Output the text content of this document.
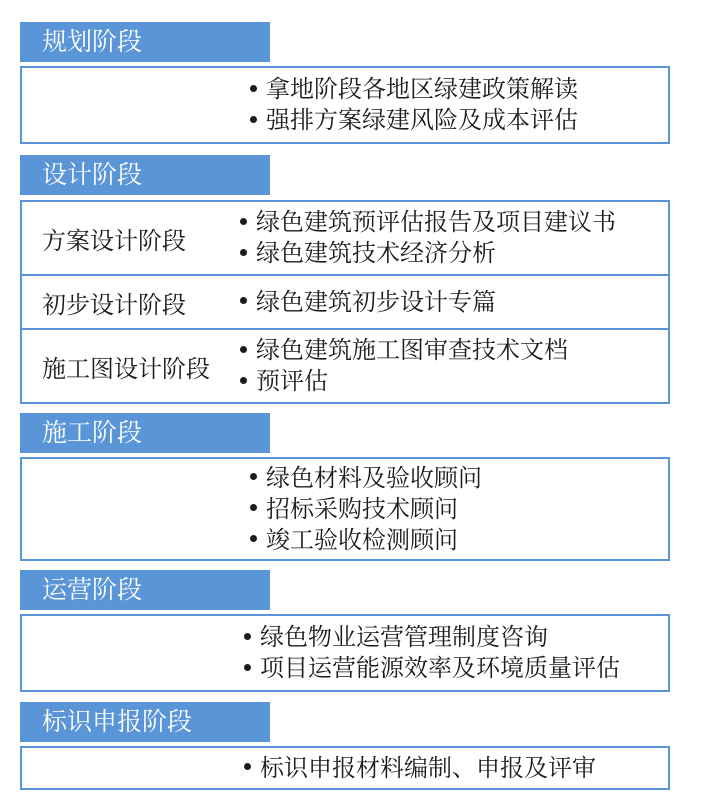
规划阶段
拿地阶段各地区绿建政策解读
强排方案绿建风险及成本评估
设计阶段
方案设计阶段
绿色建筑预评估报告及项目建议书
绿色建筑技术经济分析
初步设计阶段	绿色建筑初步设计专篇
施工图设计阶段
绿色建筑施工图审查技术文档
预评估
施工阶段
绿色材料及验收顾问
招标采购技术顾问
竣工验收检测顾问
运营阶段
绿色物业运营管理制度咨询
项目运营能源效率及环境质量评估
标识申报阶段
标识申报材料编制、申报及评审
